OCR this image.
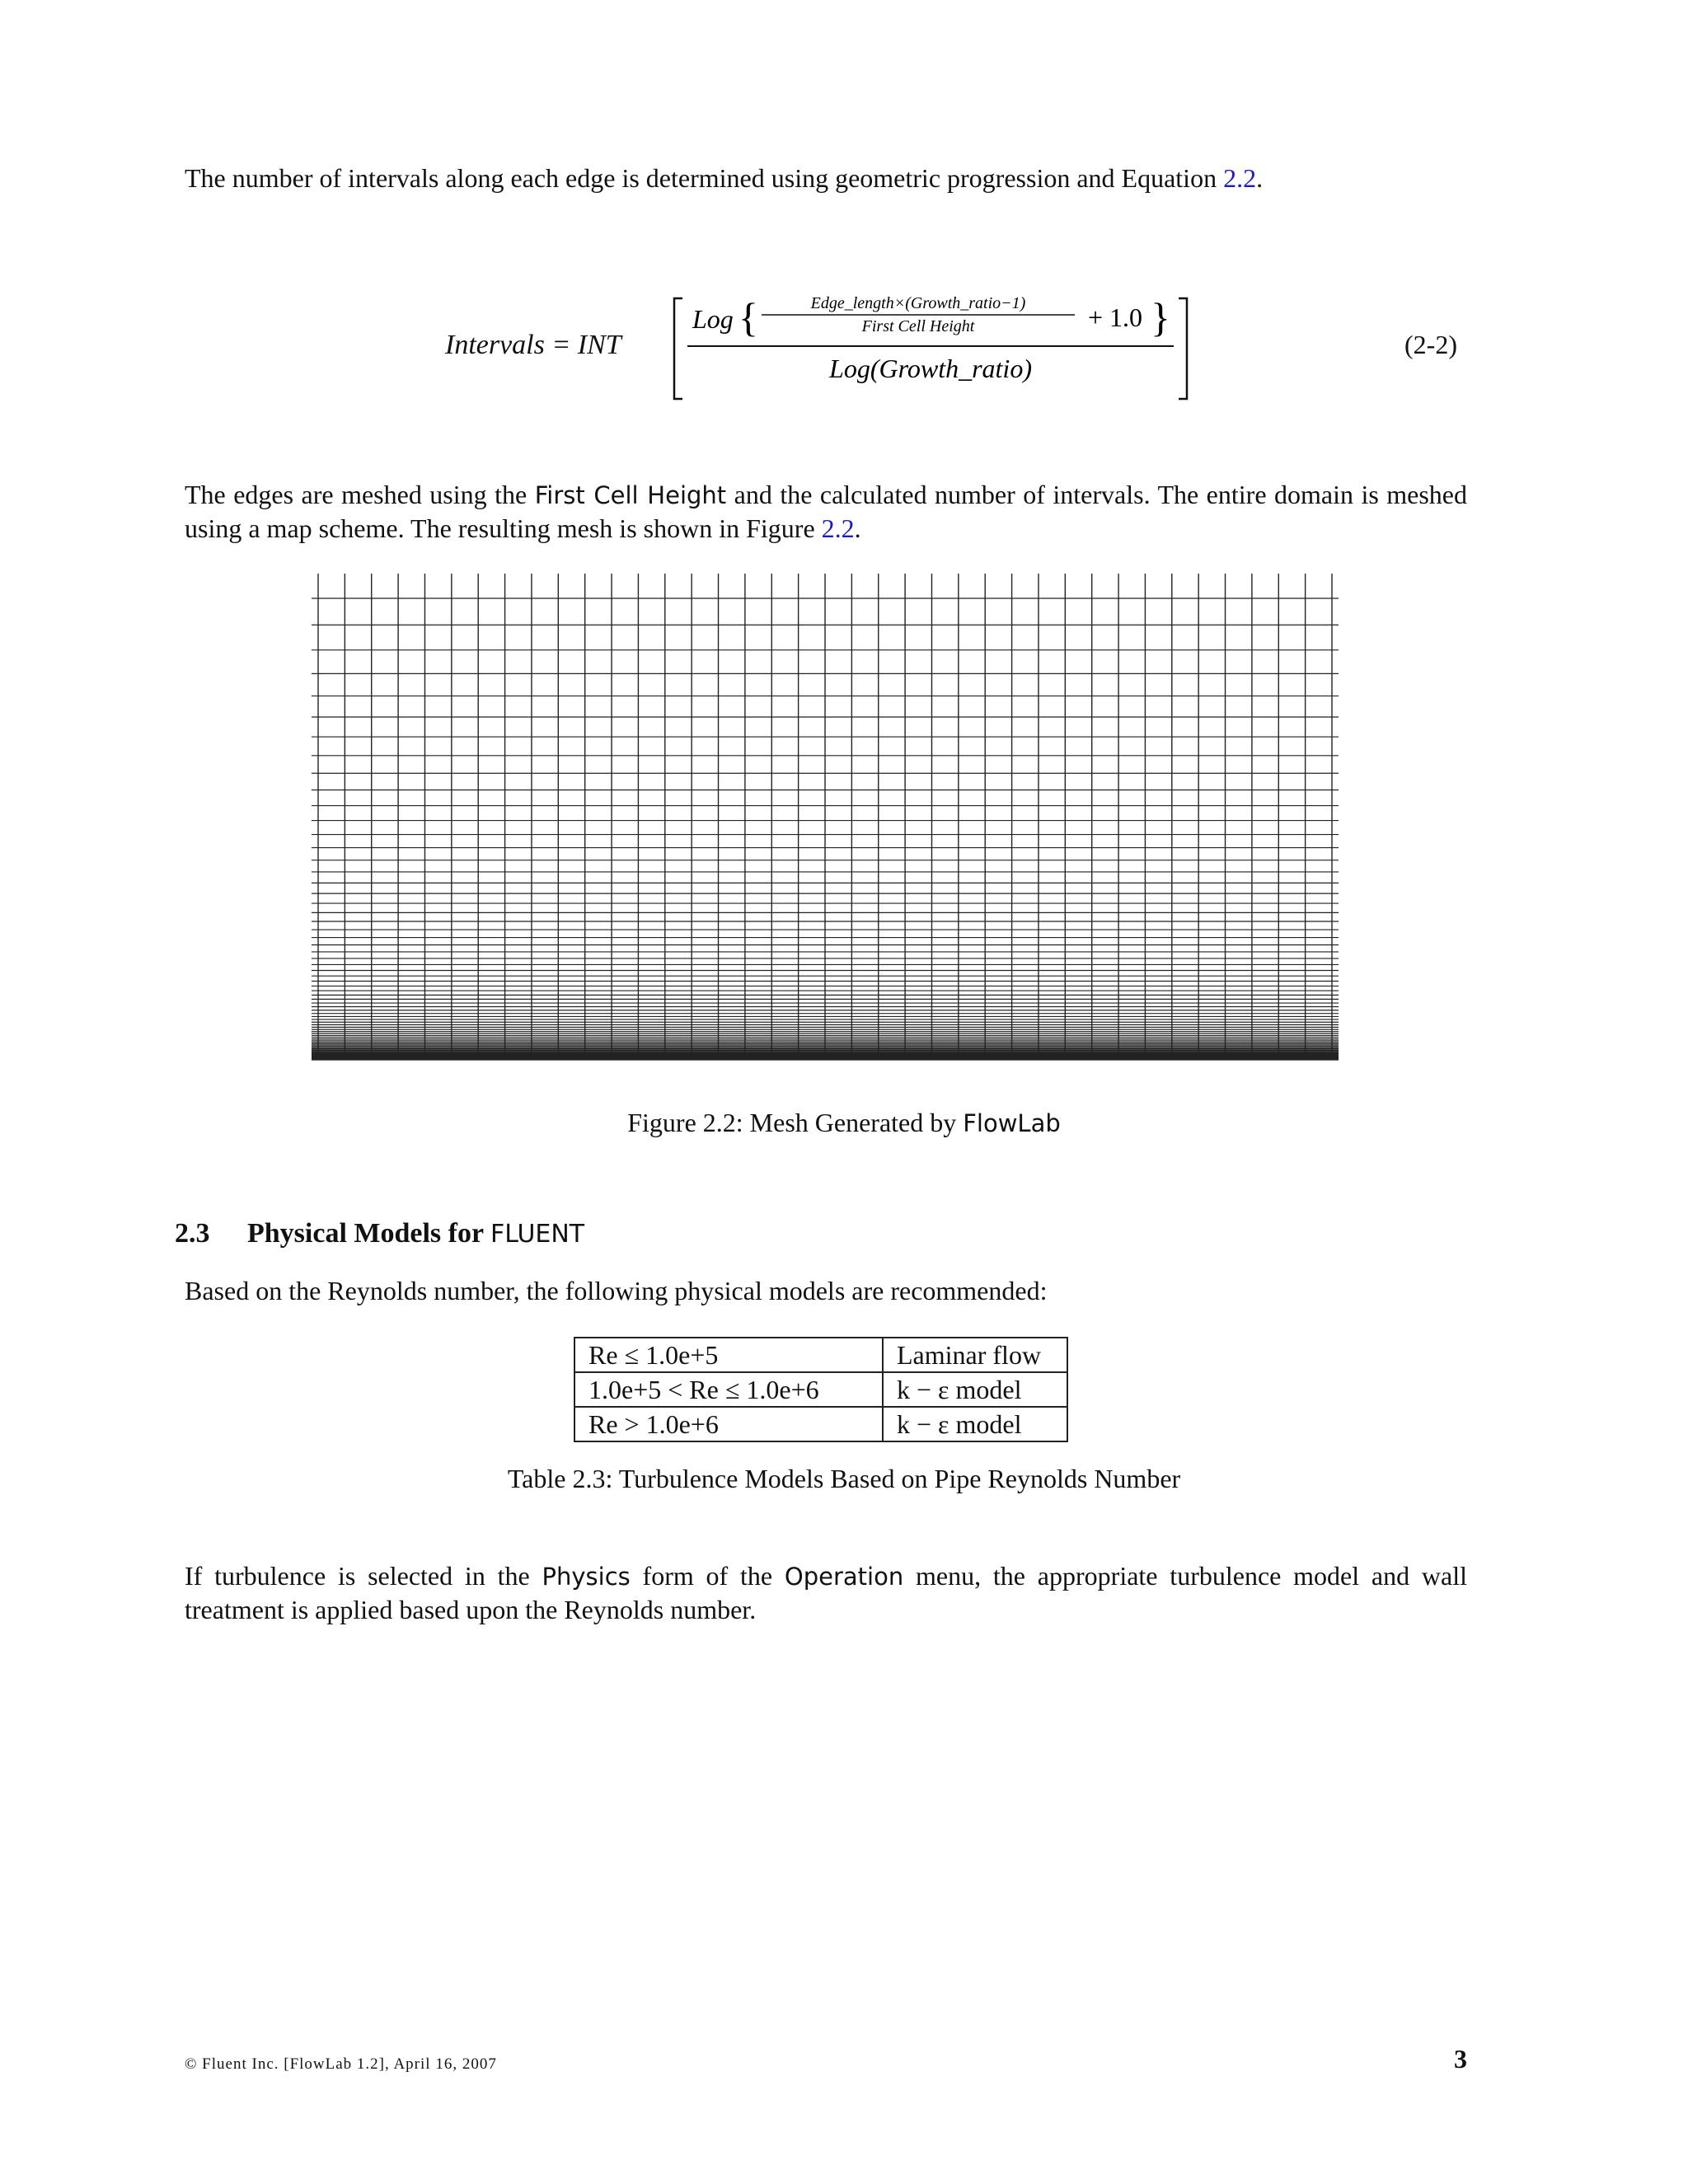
The number of intervals along each edge is determined using geometric progression and Equation 2.2.
Intervals = INT
Log {	Edge_length×(Growth_ratio−1)
First Cell Height	+ 1.0 }
Log(Growth_ratio)
(2-2)
The edges are meshed using the First Cell Height and the calculated number of intervals. The entire domain is meshed using a map scheme. The resulting mesh is shown in Figure 2.2.
Figure 2.2: Mesh Generated by FlowLab
2.3 Physical Models for FLUENT
Based on the Reynolds number, the following physical models are recommended:
Re ≤ 1.0e+5	Laminar flow
1.0e+5 < Re ≤ 1.0e+6	k − ε model
Re > 1.0e+6	k − ε model
Table 2.3: Turbulence Models Based on Pipe Reynolds Number
If turbulence is selected in the Physics form of the Operation menu, the appropriate turbulence model and wall treatment is applied based upon the Reynolds number.
© Fluent Inc. [FlowLab 1.2], April 16, 2007	3
